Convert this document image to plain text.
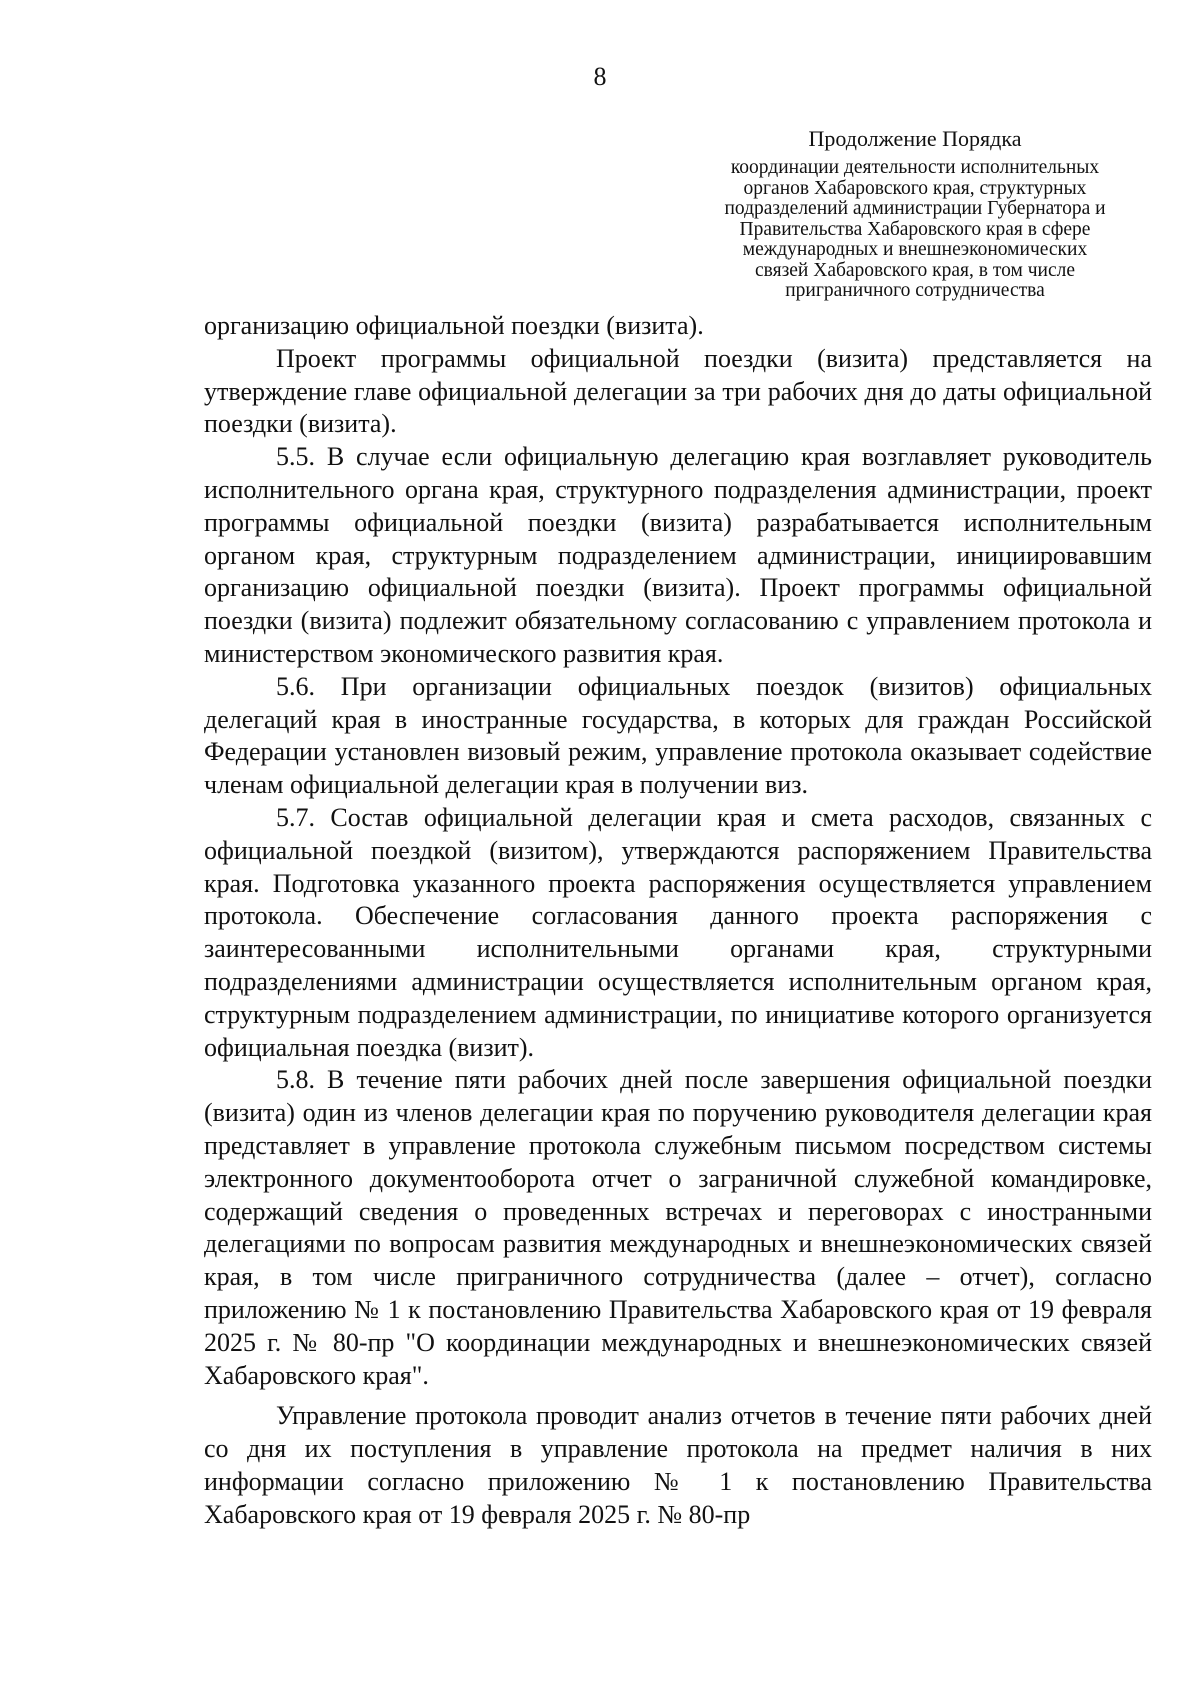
8
Продолжение Порядка
координации деятельности исполнительных
органов Хабаровского края, структурных
подразделений администрации Губернатора и
Правительства Хабаровского края в сфере
международных и внешнеэкономических
связей Хабаровского края, в том числе
приграничного сотрудничества

организацию официальной поездки (визита).

Проект программы официальной поездки (визита) представляется на утверждение главе официальной делегации за три рабочих дня до даты официальной поездки (визита).

5.5. В случае если официальную делегацию края возглавляет руководитель исполнительного органа края, структурного подразделения администрации, проект программы официальной поездки (визита) разрабатывается исполнительным органом края, структурным подразделением администрации, инициировавшим организацию официальной поездки (визита). Проект программы официальной поездки (визита) подлежит обязательному согласованию с управлением протокола и министерством экономического развития края.

5.6. При организации официальных поездок (визитов) официальных делегаций края в иностранные государства, в которых для граждан Российской Федерации установлен визовый режим, управление протокола оказывает содействие членам официальной делегации края в получении виз.

5.7. Состав официальной делегации края и смета расходов, связанных с официальной поездкой (визитом), утверждаются распоряжением Правительства края. Подготовка указанного проекта распоряжения осуществляется управлением протокола. Обеспечение согласования данного проекта распоряжения с заинтересованными исполнительными органами края, структурными подразделениями администрации осуществляется исполнительным органом края, структурным подразделением администрации, по инициативе которого организуется официальная поездка (визит).

5.8. В течение пяти рабочих дней после завершения официальной поездки (визита) один из членов делегации края по поручению руководителя делегации края представляет в управление протокола служебным письмом посредством системы электронного документооборота отчет о заграничной служебной командировке, содержащий сведения о проведенных встречах и переговорах с иностранными делегациями по вопросам развития международных и внешнеэкономических связей края, в том числе приграничного сотрудничества (далее – отчет), согласно приложению № 1 к постановлению Правительства Хабаровского края от 19 февраля 2025 г. № 80-пр "О координации международных и внешнеэкономических связей Хабаровского края".

Управление протокола проводит анализ отчетов в течение пяти рабочих дней со дня их поступления в управление протокола на предмет наличия в них информации согласно приложению № 1 к постановлению Правительства Хабаровского края от 19 февраля 2025 г. № 80-пр
